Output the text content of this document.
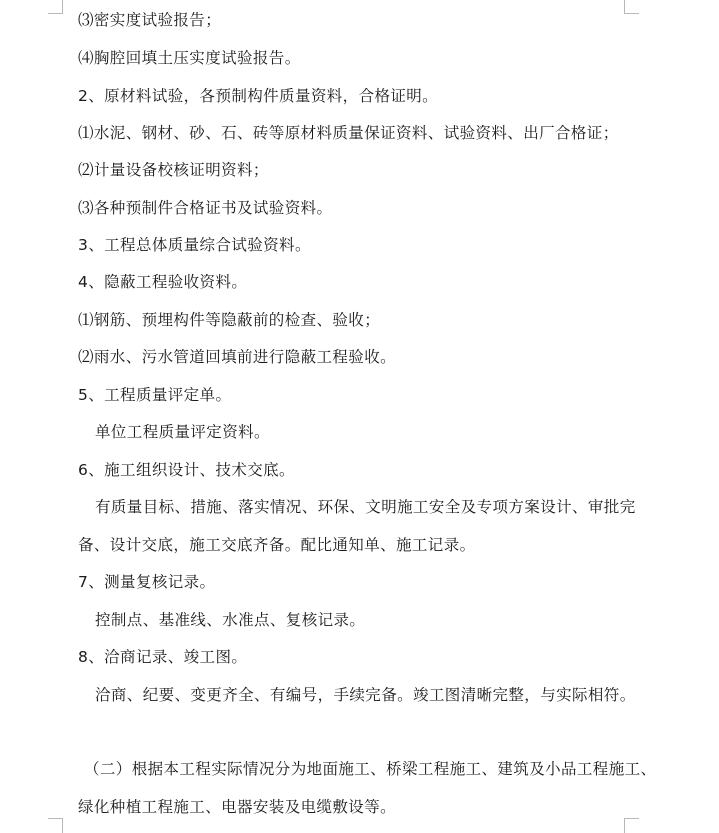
⑶密实度试验报告；

⑷胸腔回填土压实度试验报告。

2、原材料试验，各预制构件质量资料，合格证明。

⑴水泥、钢材、砂、石、砖等原材料质量保证资料、试验资料、出厂合格证；

⑵计量设备校核证明资料；

⑶各种预制件合格证书及试验资料。

3、工程总体质量综合试验资料。

4、隐蔽工程验收资料。

⑴钢筋、预埋构件等隐蔽前的检查、验收；

⑵雨水、污水管道回填前进行隐蔽工程验收。

5、工程质量评定单。

单位工程质量评定资料。

6、施工组织设计、技术交底。

有质量目标、措施、落实情况、环保、文明施工安全及专项方案设计、审批完

备、设计交底，施工交底齐备。配比通知单、施工记录。

7、测量复核记录。

控制点、基准线、水准点、复核记录。

8、洽商记录、竣工图。

洽商、纪要、变更齐全、有编号，手续完备。竣工图清晰完整，与实际相符。

（二）根据本工程实际情况分为地面施工、桥梁工程施工、建筑及小品工程施工、

绿化种植工程施工、电器安装及电缆敷设等。
